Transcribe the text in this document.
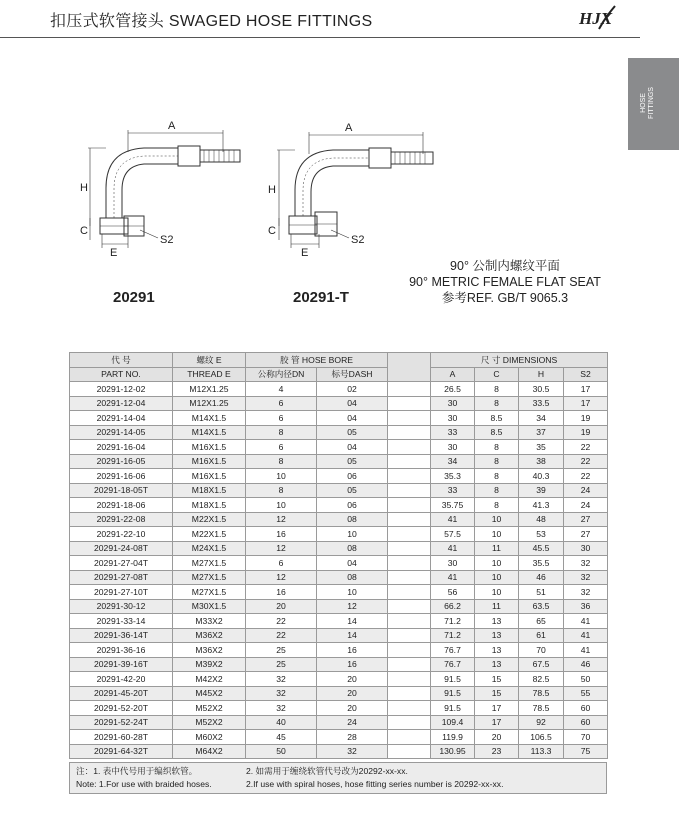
扣压式软管接头 SWAGED HOSE FITTINGS	HJX
HOSE FITTINGS
A
H
C
E
S2
20291
A
H
C
E
S2
20291-T
90° 公制内螺纹平面
90° METRIC FEMALE FLAT SEAT
参考REF. GB/T 9065.3
代 号	螺纹 E	胶 管 HOSE BORE			尺 寸 DIMENSIONS			
PART NO.	THREAD E	公称内径DN	标号DASH		A	C	H	S2
20291-12-02	M12X1.25	4	02		26.5	8	30.5	17
20291-12-04	M12X1.25	6	04		30	8	33.5	17
20291-14-04	M14X1.5	6	04		30	8.5	34	19
20291-14-05	M14X1.5	8	05		33	8.5	37	19
20291-16-04	M16X1.5	6	04		30	8	35	22
20291-16-05	M16X1.5	8	05		34	8	38	22
20291-16-06	M16X1.5	10	06		35.3	8	40.3	22
20291-18-05T	M18X1.5	8	05		33	8	39	24
20291-18-06	M18X1.5	10	06		35.75	8	41.3	24
20291-22-08	M22X1.5	12	08		41	10	48	27
20291-22-10	M22X1.5	16	10		57.5	10	53	27
20291-24-08T	M24X1.5	12	08		41	11	45.5	30
20291-27-04T	M27X1.5	6	04		30	10	35.5	32
20291-27-08T	M27X1.5	12	08		41	10	46	32
20291-27-10T	M27X1.5	16	10		56	10	51	32
20291-30-12	M30X1.5	20	12		66.2	11	63.5	36
20291-33-14	M33X2	22	14		71.2	13	65	41
20291-36-14T	M36X2	22	14		71.2	13	61	41
20291-36-16	M36X2	25	16		76.7	13	70	41
20291-39-16T	M39X2	25	16		76.7	13	67.5	46
20291-42-20	M42X2	32	20		91.5	15	82.5	50
20291-45-20T	M45X2	32	20		91.5	15	78.5	55
20291-52-20T	M52X2	32	20		91.5	17	78.5	60
20291-52-24T	M52X2	40	24		109.4	17	92	60
20291-60-28T	M60X2	45	28		119.9	20	106.5	70
20291-64-32T	M64X2	50	32		130.95	23	113.3	75
注：1. 表中代号用于编织软管。	2. 如需用于缠绕软管代号改为20292-xx-xx.
Note: 1.For use with braided hoses.	2.If use with spiral hoses, hose fitting series number is 20292-xx-xx.
